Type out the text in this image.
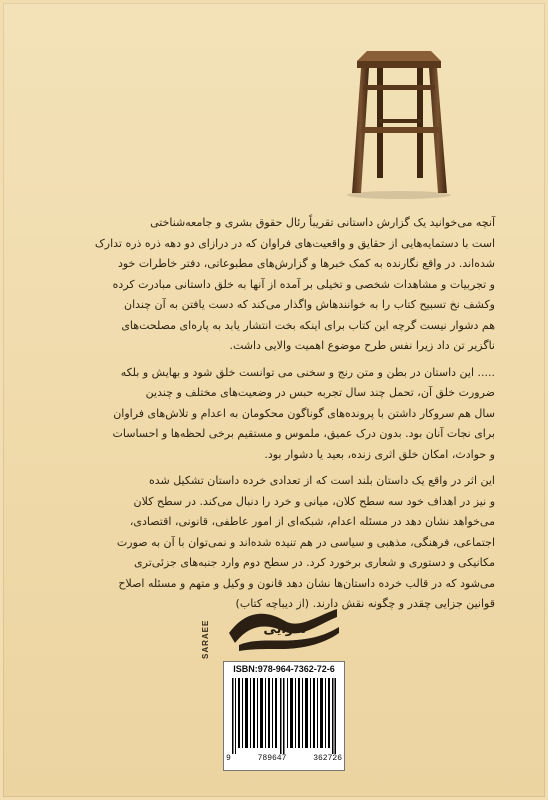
آنچه می‌خوانید یک گزارش داستانی تقریباً رئال حقوق بشری و جامعه‌شناختی
است با دستمایه‌هایی از حقایق و واقعیت‌های فراوان که در درازای دو دهه ذره ذره تدارک
شده‌اند. در واقع نگارنده به کمک خبرها و گزارش‌های مطبوعاتی، دفتر خاطرات خود
و تجربیات و مشاهدات شخصی و تخیلی بر آمده از آنها به خلق داستانی مبادرت کرده
وکشف نخ تسبیح کتاب را به خوانندهاش واگذار می‌کند که دست یافتن به آن چندان
هم دشوار نیست گرچه این کتاب برای اینکه بخت انتشار یابد به پاره‌ای مصلحت‌های
ناگزیر تن داد زیرا نفس طرح موضوع اهمیت والایی داشت.

..... این داستان در بطن و متن رنج و سخنی می توانست خلق شود و بهایش و بلکه
ضرورت خلق آن، تحمل چند سال تجربه حبس در وضعیت‌های مختلف و چندین
سال هم سروکار داشتن با پرونده‌های گوناگون محکومان به اعدام و تلاش‌های فراوان
برای نجات آنان بود. بدون درک عمیق، ملموس و مستقیم برخی لحظه‌ها و احساسات
و حوادث، امکان خلق اثری زنده، بعید یا دشوار بود.

این اثر در واقع یک داستان بلند است که از تعدادی خرده داستان تشکیل شده
و نیز در اهداف خود سه سطح کلان، میانی و خرد را دنبال می‌کند. در سطح کلان
می‌خواهد نشان دهد در مسئله اعدام، شبکه‌ای از امور عاطفی، قانونی، اقتصادی،
اجتماعی، فرهنگی، مذهبی و سیاسی در هم تنیده شده‌اند و نمی‌توان با آن به صورت
مکانیکی و دستوری و شعاری برخورد کرد. در سطح دوم وارد جنبه‌های جزئی‌تری
می‌شود که در قالب خرده داستان‌ها نشان دهد قانون و وکیل و متهم و مسئله اصلاح
قوانین جزایی چقدر و چگونه نقش دارند. (از دیباچه کتاب)

SARAEE	سرایی
ISBN:978-964-7362-72-6
9	789647	362726
